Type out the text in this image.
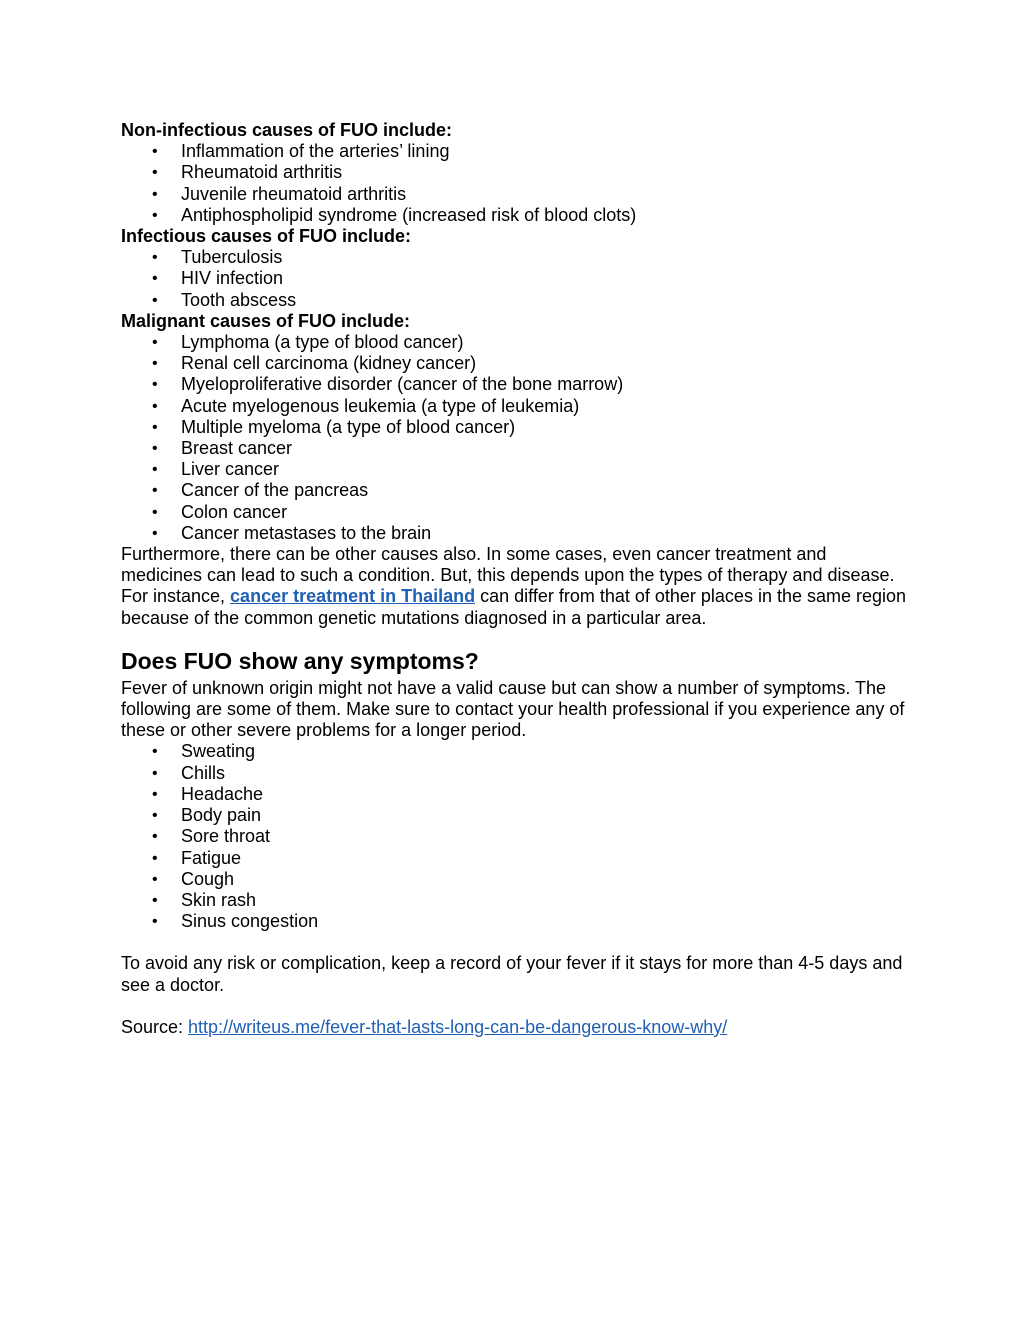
Non-infectious causes of FUO include:

• Inflammation of the arteries’ lining
• Rheumatoid arthritis
• Juvenile rheumatoid arthritis
• Antiphospholipid syndrome (increased risk of blood clots)

Infectious causes of FUO include:

• Tuberculosis
• HIV infection
• Tooth abscess

Malignant causes of FUO include:

• Lymphoma (a type of blood cancer)
• Renal cell carcinoma (kidney cancer)
• Myeloproliferative disorder (cancer of the bone marrow)
• Acute myelogenous leukemia (a type of leukemia)
• Multiple myeloma (a type of blood cancer)
• Breast cancer
• Liver cancer
• Cancer of the pancreas
• Colon cancer
• Cancer metastases to the brain

Furthermore, there can be other causes also. In some cases, even cancer treatment and medicines can lead to such a condition. But, this depends upon the types of therapy and disease. For instance, cancer treatment in Thailand can differ from that of other places in the same region because of the common genetic mutations diagnosed in a particular area.

Does FUO show any symptoms?

Fever of unknown origin might not have a valid cause but can show a number of symptoms. The following are some of them. Make sure to contact your health professional if you experience any of these or other severe problems for a longer period.

• Sweating
• Chills
• Headache
• Body pain
• Sore throat
• Fatigue
• Cough
• Skin rash
• Sinus congestion

To avoid any risk or complication, keep a record of your fever if it stays for more than 4-5 days and see a doctor.

Source: http://writeus.me/fever-that-lasts-long-can-be-dangerous-know-why/
